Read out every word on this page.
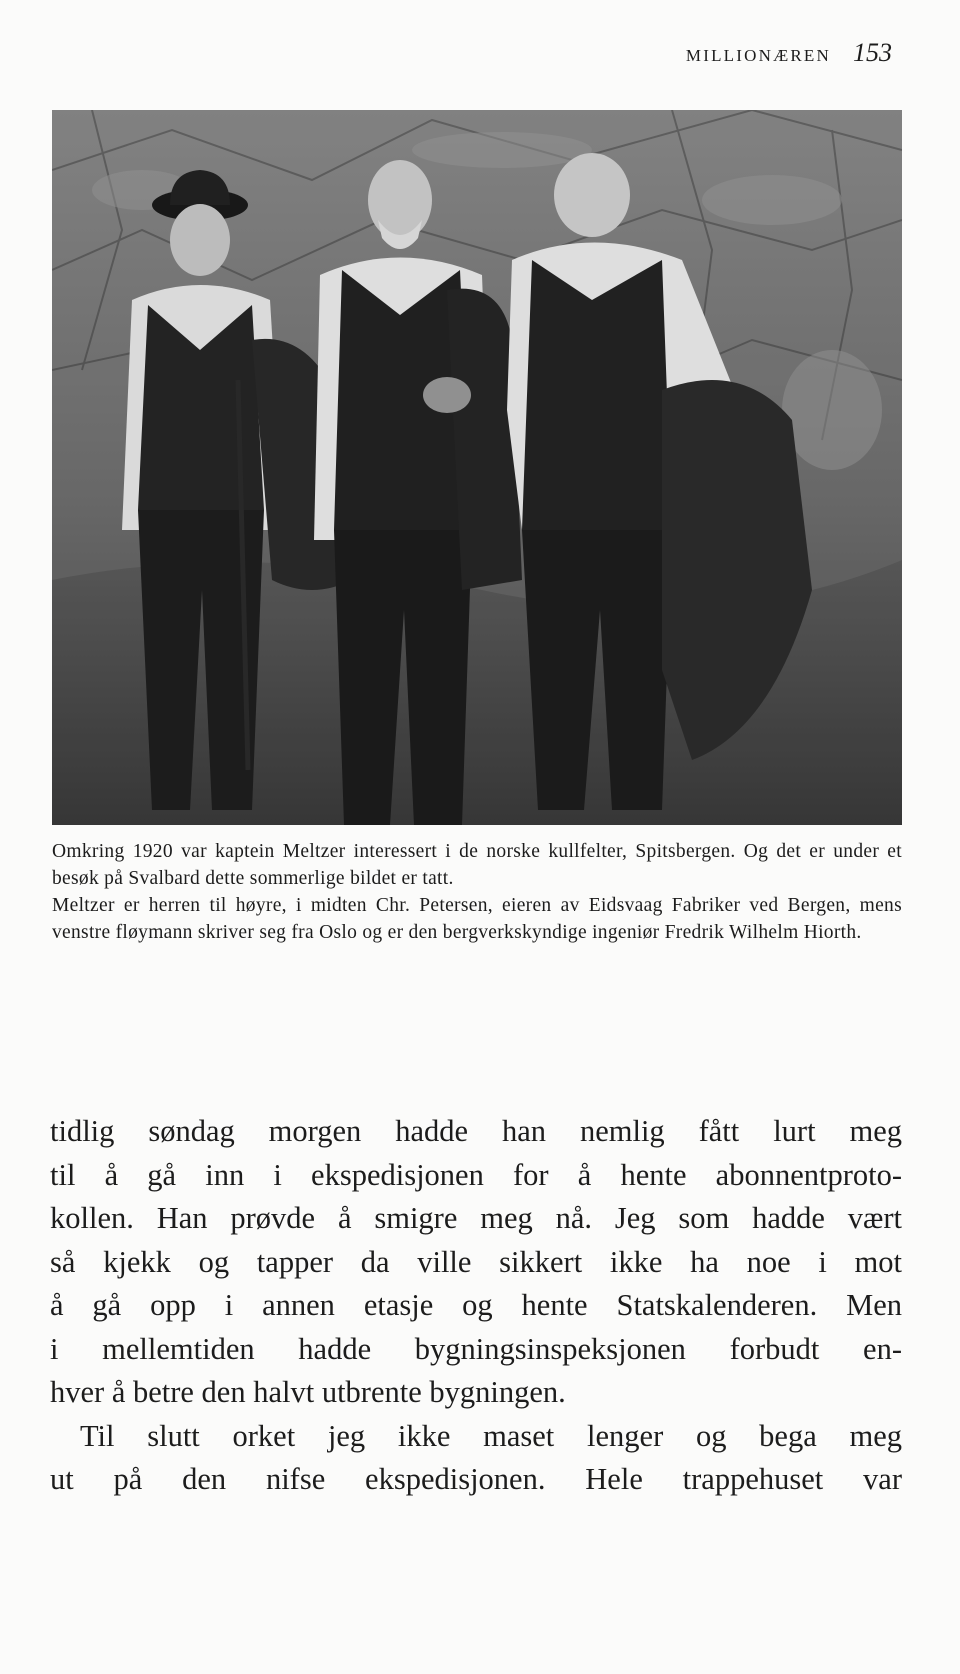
MILLIONÆREN 153

Omkring 1920 var kaptein Meltzer interessert i de norske kullfelter, Spitsbergen. Og det er under et besøk på Svalbard dette sommerlige bildet er tatt.

Meltzer er herren til høyre, i midten Chr. Petersen, eieren av Eidsvaag Fabriker ved Bergen, mens venstre fløymann skriver seg fra Oslo og er den bergverkskyndige ingeniør Fredrik Wilhelm Hiorth.

tidlig søndag morgen hadde han nemlig fått lurt meg
til å gå inn i ekspedisjonen for å hente abonnentproto-
kollen. Han prøvde å smigre meg nå. Jeg som hadde vært
så kjekk og tapper da ville sikkert ikke ha noe i mot
å gå opp i annen etasje og hente Statskalenderen. Men
i mellemtiden hadde bygningsinspeksjonen forbudt en-
hver å betre den halvt utbrente bygningen.

Til slutt orket jeg ikke maset lenger og bega meg
ut på den nifse ekspedisjonen. Hele trappehuset var
